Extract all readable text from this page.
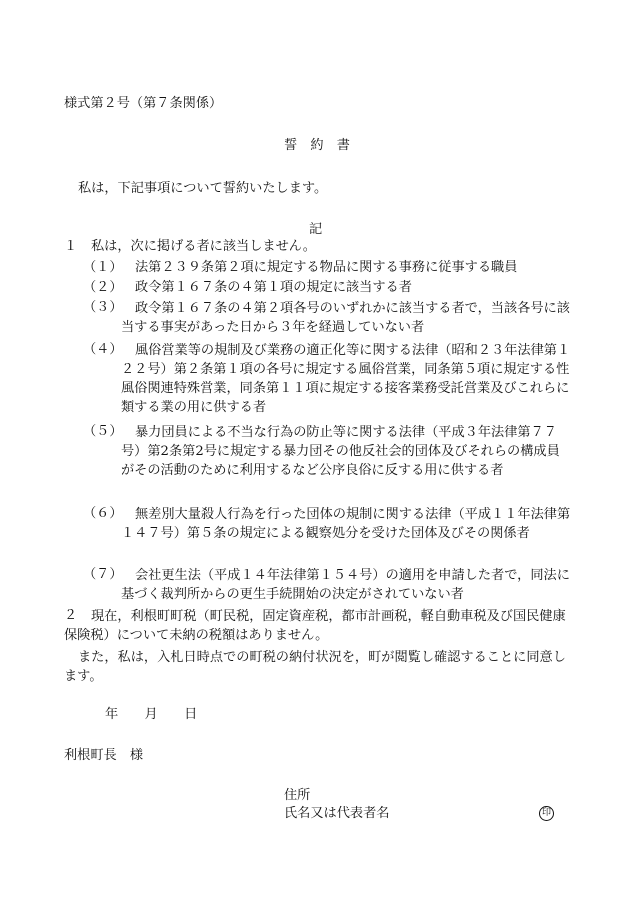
様式第２号（第７条関係）

誓　約　書

私は，下記事項について誓約いたします。

記

１ 私は，次に掲げる者に該当しません。

（１） 法第２３９条第２項に規定する物品に関する事務に従事する職員

（２） 政令第１６７条の４第１項の規定に該当する者

（３） 政令第１６７条の４第２項各号のいずれかに該当する者で，当該各号に該当する事実があった日から３年を経過していない者

（４） 風俗営業等の規制及び業務の適正化等に関する法律（昭和２３年法律第１２２号）第２条第１項の各号に規定する風俗営業，同条第５項に規定する性風俗関連特殊営業，同条第１１項に規定する接客業務受託営業及びこれらに類する業の用に供する者

（５） 暴力団員による不当な行為の防止等に関する法律（平成３年法律第７７号）第2条第2号に規定する暴力団その他反社会的団体及びそれらの構成員がその活動のために利用するなど公序良俗に反する用に供する者

（６） 無差別大量殺人行為を行った団体の規制に関する法律（平成１１年法律第１４７号）第５条の規定による観察処分を受けた団体及びその関係者

（７） 会社更生法（平成１４年法律第１５４号）の適用を申請した者で，同法に基づく裁判所からの更生手続開始の決定がされていない者

２	現在，利根町町税（町民税，固定資産税，都市計画税，軽自動車税及び国民健康保険税）について未納の税額はありません。

また，私は，入札日時点での町税の納付状況を，町が閲覧し確認することに同意します。

年　　月　　日

利根町長　様

住所

氏名又は代表者名	印
